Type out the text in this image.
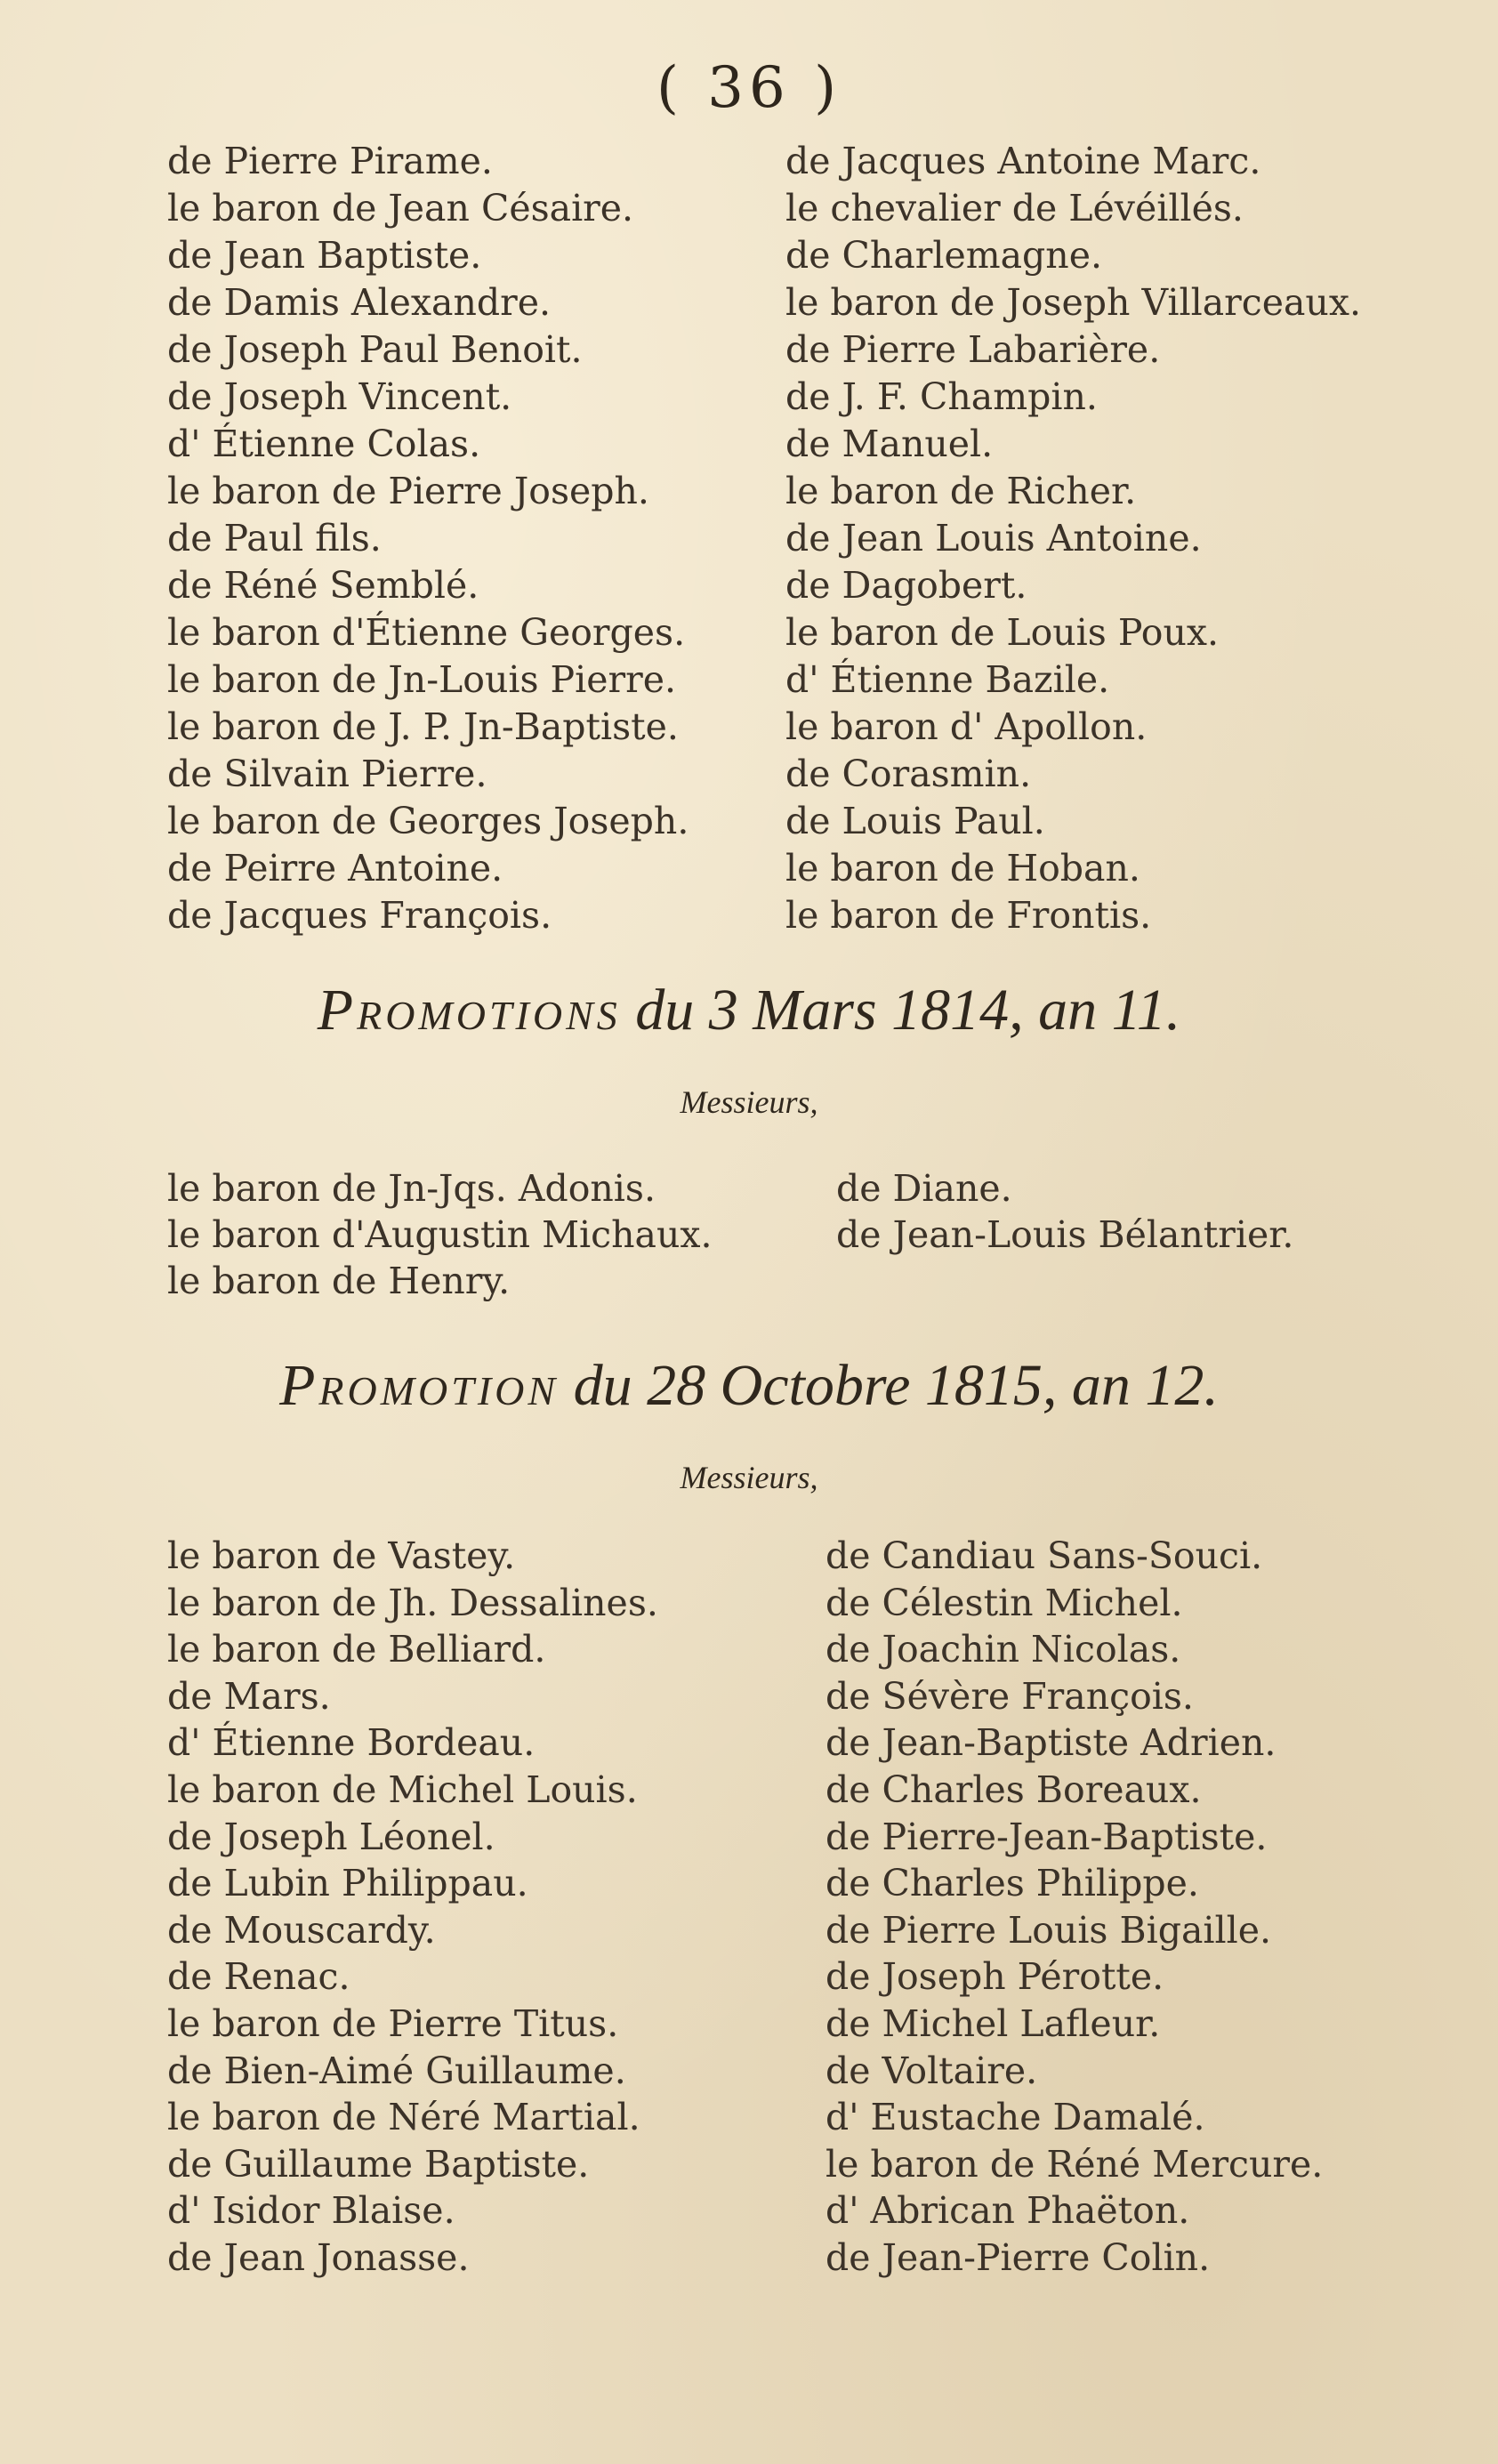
( 36 )
de Pierre Pirame.
le baron de Jean Césaire.
de Jean Baptiste.
de Damis Alexandre.
de Joseph Paul Benoit.
de Joseph Vincent.
d' Étienne Colas.
le baron de Pierre Joseph.
de Paul fils.
de Réné Semblé.
le baron d'Étienne Georges.
le baron de Jn-Louis Pierre.
le baron de J. P. Jn-Baptiste.
de Silvain Pierre.
le baron de Georges Joseph.
de Peirre Antoine.
de Jacques François.
de Jacques Antoine Marc.
le chevalier de Lévéillés.
de Charlemagne.
le baron de Joseph Villarceaux.
de Pierre Labarière.
de J. F. Champin.
de Manuel.
le baron de Richer.
de Jean Louis Antoine.
de Dagobert.
le baron de Louis Poux.
d' Étienne Bazile.
le baron d' Apollon.
de Corasmin.
de Louis Paul.
le baron de Hoban.
le baron de Frontis.
Promotions du 3 Mars 1814, an 11.
Messieurs,
le baron de Jn-Jqs. Adonis.
le baron d'Augustin Michaux.
le baron de Henry.
de Diane.
de Jean-Louis Bélantrier.
Promotion du 28 Octobre 1815, an 12.
Messieurs,
le baron de Vastey.
le baron de Jh. Dessalines.
le baron de Belliard.
de Mars.
d' Étienne Bordeau.
le baron de Michel Louis.
de Joseph Léonel.
de Lubin Philippau.
de Mouscardy.
de Renac.
le baron de Pierre Titus.
de Bien-Aimé Guillaume.
le baron de Néré Martial.
de Guillaume Baptiste.
d' Isidor Blaise.
de Jean Jonasse.
de Candiau Sans-Souci.
de Célestin Michel.
de Joachin Nicolas.
de Sévère François.
de Jean-Baptiste Adrien.
de Charles Boreaux.
de Pierre-Jean-Baptiste.
de Charles Philippe.
de Pierre Louis Bigaille.
de Joseph Pérotte.
de Michel Lafleur.
de Voltaire.
d' Eustache Damalé.
le baron de Réné Mercure.
d' Abrican Phaëton.
de Jean-Pierre Colin.
